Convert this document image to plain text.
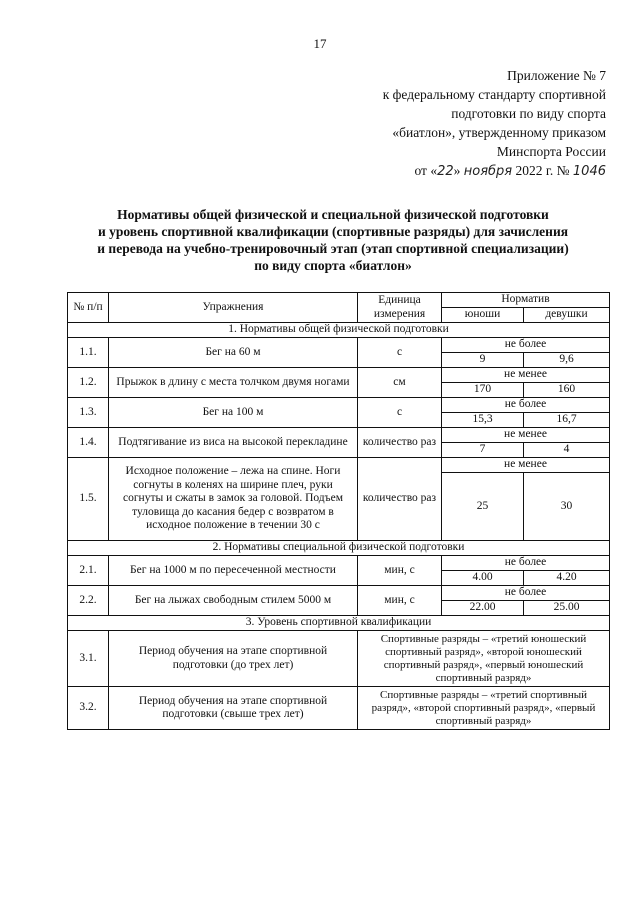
17
Приложение № 7
к федеральному стандарту спортивной
подготовки по виду спорта
«биатлон», утвержденному приказом
Минспорта России
от «22» ноября 2022 г. № 1046
Нормативы общей физической и специальной физической подготовки
и уровень спортивной квалификации (спортивные разряды) для зачисления
и перевода на учебно-тренировочный этап (этап спортивной специализации)
по виду спорта «биатлон»
№ п/п	Упражнения	Единица измерения	Норматив	
			юноши	девушки
1. Нормативы общей физической подготовки				
1.1.	Бег на 60 м	с	не более	
			9	9,6
1.2.	Прыжок в длину с места толчком двумя ногами	см	не менее	
			170	160
1.3.	Бег на 100 м	с	не более	
			15,3	16,7
1.4.	Подтягивание из виса на высокой перекладине	количество раз	не менее	
			7	4
1.5.	Исходное положение – лежа на спине. Ноги согнуты в коленях на ширине плеч, руки согнуты и сжаты в замок за головой. Подъем туловища до касания бедер с возвратом в исходное положение в течении 30 с	количество раз	не менее	
			25	30
2. Нормативы специальной физической подготовки				
2.1.	Бег на 1000 м по пересеченной местности	мин, с	не более	
			4.00	4.20
2.2.	Бег на лыжах свободным стилем 5000 м	мин, с	не более	
			22.00	25.00
3. Уровень спортивной квалификации				
3.1.	Период обучения на этапе спортивной подготовки (до трех лет)	Спортивные разряды – «третий юношеский спортивный разряд», «второй юношеский спортивный разряд», «первый юношеский спортивный разряд»		
3.2.	Период обучения на этапе спортивной подготовки (свыше трех лет)	Спортивные разряды – «третий спортивный разряд», «второй спортивный разряд», «первый спортивный разряд»		
